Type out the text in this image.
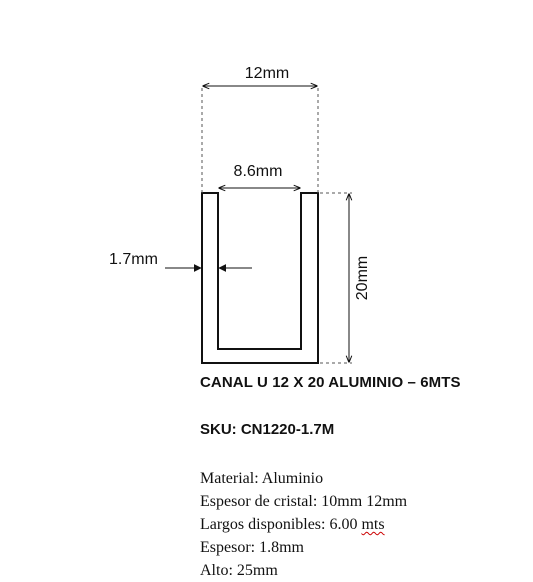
12mm
8.6mm
1.7mm	20mm

CANAL U 12 X 20 ALUMINIO – 6MTS

SKU: CN1220-1.7M

Material: Aluminio
Espesor de cristal: 10mm 12mm
Largos disponibles: 6.00 mts
Espesor: 1.8mm
Alto: 25mm
